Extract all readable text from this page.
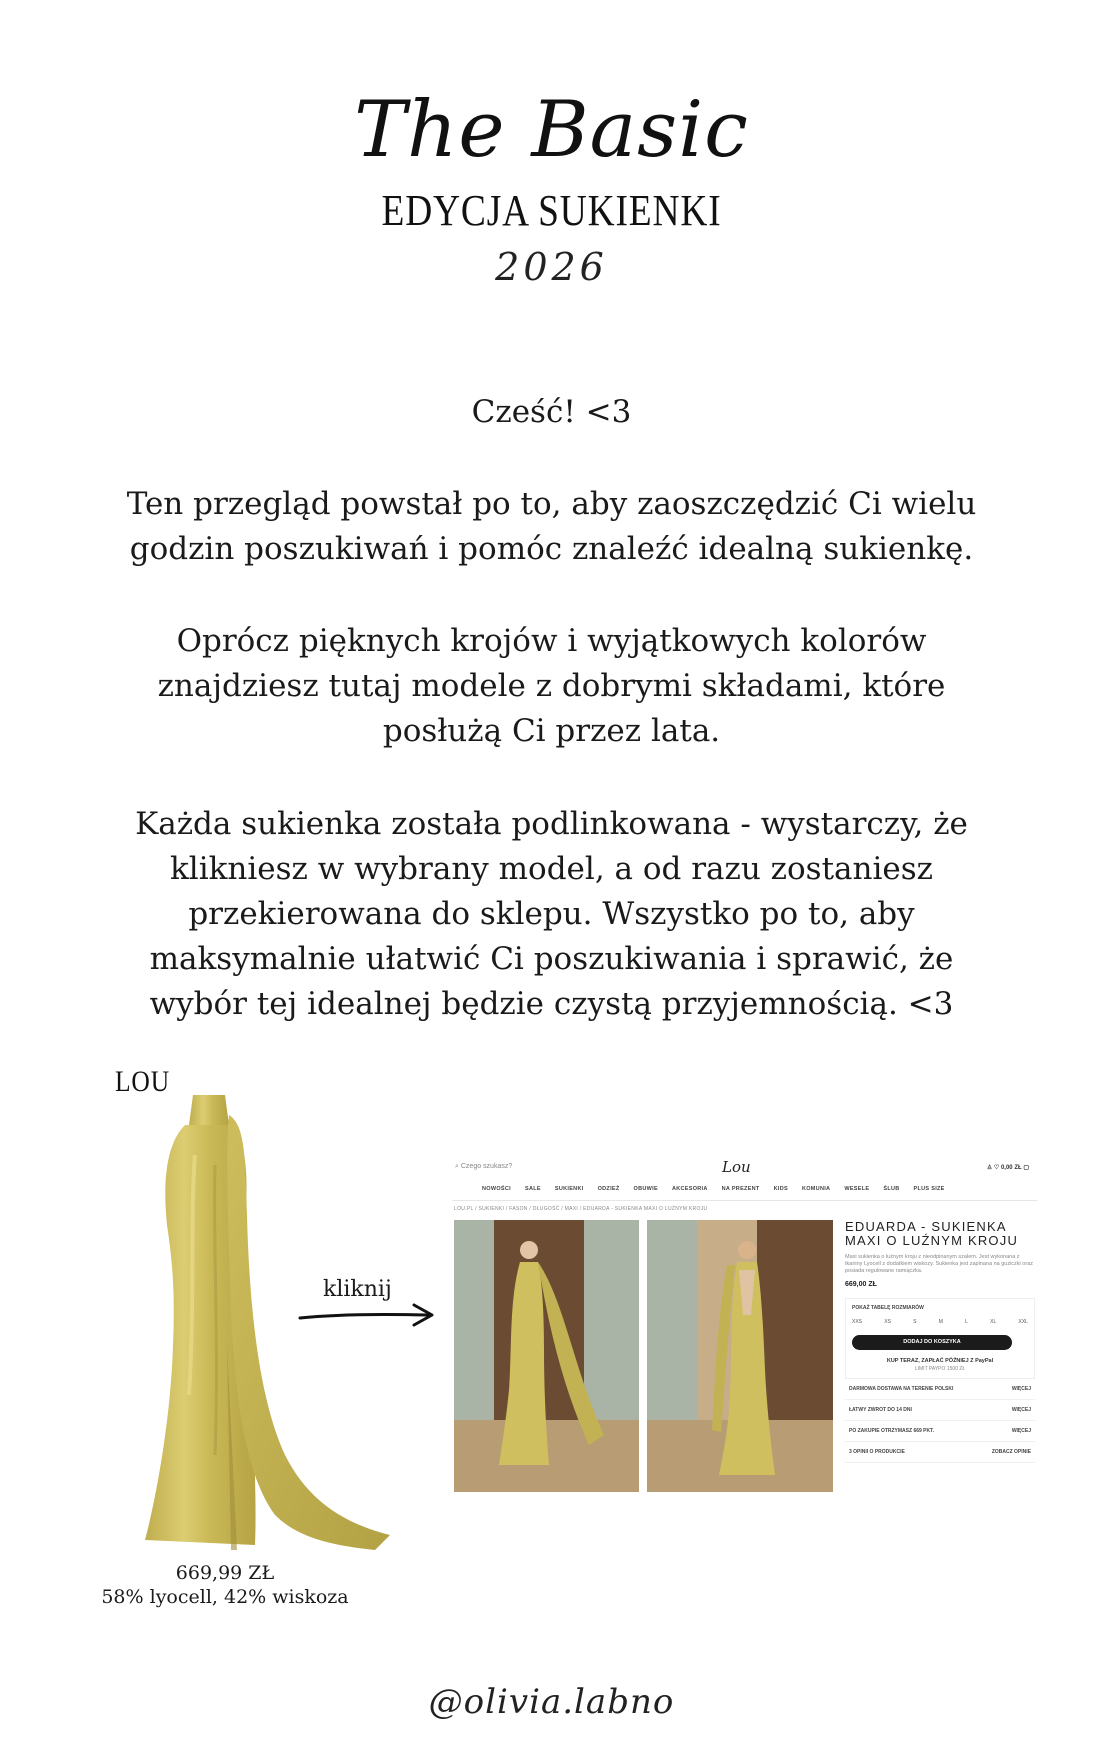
The Basic
EDYCJA SUKIENKI
2026
Cześć! <3
Ten przegląd powstał po to, aby zaoszczędzić Ci wielu godzin poszukiwań i pomóc znaleźć idealną sukienkę.
Oprócz pięknych krojów i wyjątkowych kolorów znajdziesz tutaj modele z dobrymi składami, które posłużą Ci przez lata.
Każda sukienka została podlinkowana - wystarczy, że klikniesz w wybrany model, a od razu zostaniesz przekierowana do sklepu. Wszystko po to, aby maksymalnie ułatwić Ci poszukiwania i sprawić, że wybór tej idealnej będzie czystą przyjemnością. <3
LOU
669,99 ZŁ
58% lyocell, 42% wiskoza
kliknij
⌕ Czego szukasz?	Lou	♙ ♡ 0,00 ZŁ ▢
NOWOŚCI	SALE	SUKIENKI	ODZIEŻ	OBUWIE	AKCESORIA	NA PREZENT	KIDS	KOMUNIA	WESELE	ŚLUB	PLUS SIZE
LOU.PL / SUKIENKI / FASON / DŁUGOŚĆ / MAXI / EDUARDA - SUKIENKA MAXI O LUŹNYM KROJU
EDUARDA - SUKIENKA MAXI O LUŹNYM KROJU
Maxi sukienka o luźnym kroju z nieodpinanym szalem. Jest wykonana z tkaniny Lyocell z dodatkiem wiskozy. Sukienka jest zapinana na guziczki oraz posiada regulowane ramiączka.
669,00 ZŁ
POKAŻ TABELĘ ROZMIARÓW
XXS	XS	S	M	L	XL	XXL
DODAJ DO KOSZYKA
KUP TERAZ, ZAPŁAĆ PÓŹNIEJ Z PayPal
LIMIT PAYPO 1500 ZŁ
DARMOWA DOSTAWA NA TERENIE POLSKI	WIĘCEJ
ŁATWY ZWROT DO 14 DNI	WIĘCEJ
PO ZAKUPIE OTRZYMASZ 669 PKT.	WIĘCEJ
3 OPINII O PRODUKCIE	ZOBACZ OPINIE
@olivia.labno
